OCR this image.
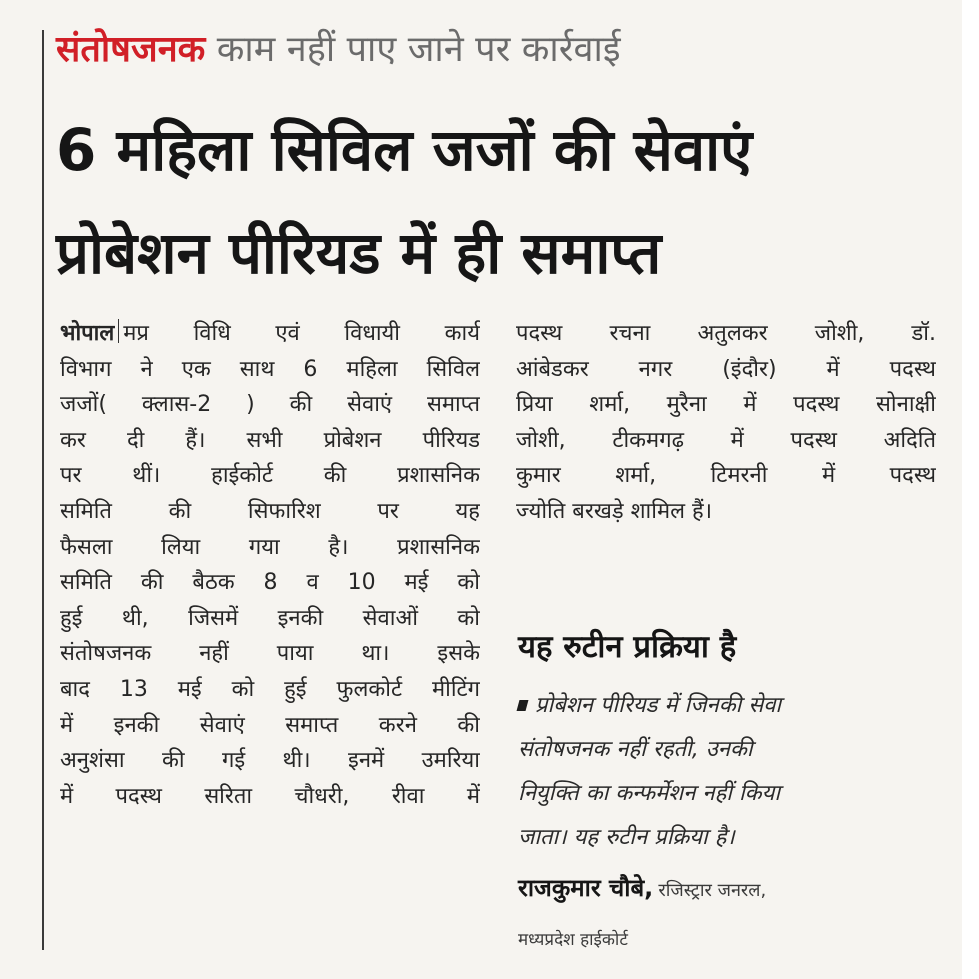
संतोषजनक काम नहीं पाए जाने पर कार्रवाई
6 महिला सिविल जजों की सेवाएं
प्रोबेशन पीरियड में ही समाप्त
भोपाल मप्र विधि एवं विधायी कार्य
विभाग ने एक साथ 6 महिला सिविल
जजों( क्लास-2 ) की सेवाएं समाप्त
कर दी हैं। सभी प्रोबेशन पीरियड
पर थीं। हाईकोर्ट की प्रशासनिक
समिति की सिफारिश पर यह
फैसला लिया गया है। प्रशासनिक
समिति की बैठक 8 व 10 मई को
हुई थी, जिसमें इनकी सेवाओं को
संतोषजनक नहीं पाया था। इसके
बाद 13 मई को हुई फुलकोर्ट मीटिंग
में इनकी सेवाएं समाप्त करने की
अनुशंसा की गई थी। इनमें उमरिया
में पदस्थ सरिता चौधरी, रीवा में
पदस्थ रचना अतुलकर जोशी, डॉ.
आंबेडकर नगर (इंदौर) में पदस्थ
प्रिया शर्मा, मुरैना में पदस्थ सोनाक्षी
जोशी, टीकमगढ़ में पदस्थ अदिति
कुमार शर्मा, टिमरनी में पदस्थ
ज्योति बरखड़े शामिल हैं।
यह रुटीन प्रक्रिया है
प्रोबेशन पीरियड में जिनकी सेवा
संतोषजनक नहीं रहती, उनकी
नियुक्ति का कन्फर्मेशन नहीं किया
जाता। यह रुटीन प्रक्रिया है।
राजकुमार चौबे, रजिस्ट्रार जनरल,
मध्यप्रदेश हाईकोर्ट
